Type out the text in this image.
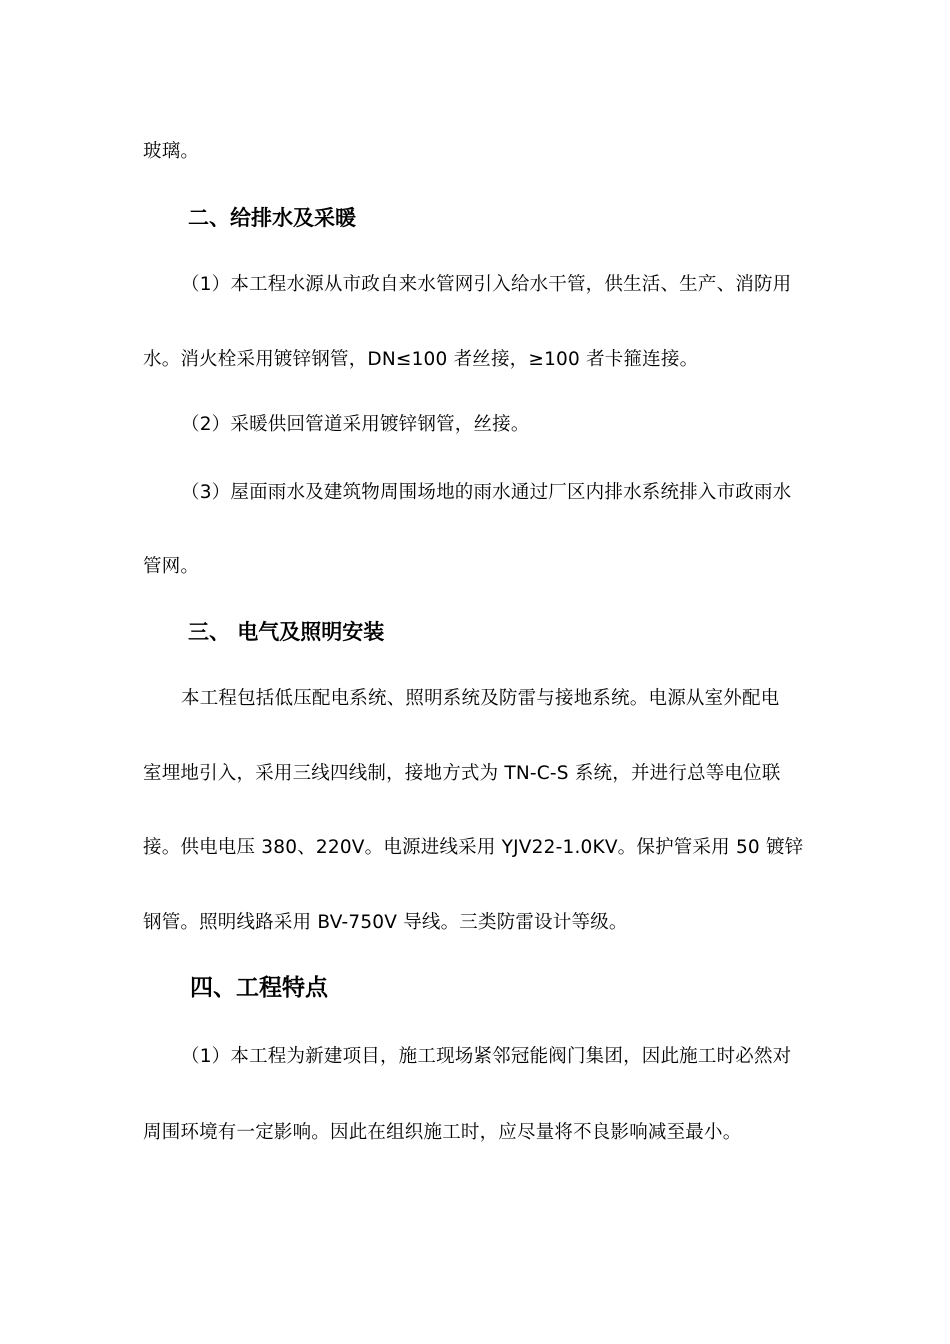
玻璃。
二、给排水及采暖
（1）本工程水源从市政自来水管网引入给水干管，供生活、生产、消防用
水。消火栓采用镀锌钢管，DN≤100 者丝接，≥100 者卡箍连接。
（2）采暖供回管道采用镀锌钢管，丝接。
（3）屋面雨水及建筑物周围场地的雨水通过厂区内排水系统排入市政雨水
管网。
三、 电气及照明安装
本工程包括低压配电系统、照明系统及防雷与接地系统。电源从室外配电
室埋地引入，采用三线四线制，接地方式为 TN-C-S 系统，并进行总等电位联
接。供电电压 380、220V。电源进线采用 YJV22-1.0KV。保护管采用 50 镀锌
钢管。照明线路采用 BV-750V 导线。三类防雷设计等级。
四、工程特点
（1）本工程为新建项目，施工现场紧邻冠能阀门集团，因此施工时必然对
周围环境有一定影响。因此在组织施工时，应尽量将不良影响减至最小。
